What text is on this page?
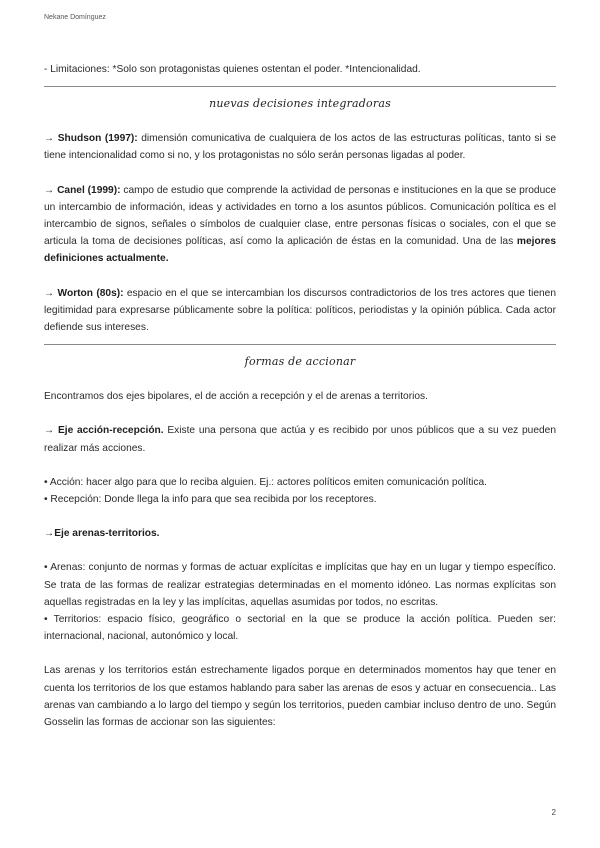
Nekane Domínguez

- Limitaciones: *Solo son protagonistas quienes ostentan el poder. *Intencionalidad.

nuevas decisiones integradoras

→ Shudson (1997): dimensión comunicativa de cualquiera de los actos de las estructuras políticas, tanto si se tiene intencionalidad como si no, y los protagonistas no sólo serán personas ligadas al poder.

→ Canel (1999): campo de estudio que comprende la actividad de personas e instituciones en la que se produce un intercambio de información, ideas y actividades en torno a los asuntos públicos. Comunicación política es el intercambio de signos, señales o símbolos de cualquier clase, entre personas físicas o sociales, con el que se articula la toma de decisiones políticas, así como la aplicación de éstas en la comunidad. Una de las mejores definiciones actualmente.

→ Worton (80s): espacio en el que se intercambian los discursos contradictorios de los tres actores que tienen legitimidad para expresarse públicamente sobre la política: políticos, periodistas y la opinión pública. Cada actor defiende sus intereses.

formas de accionar

Encontramos dos ejes bipolares, el de acción a recepción y el de arenas a territorios.

→ Eje acción-recepción. Existe una persona que actúa y es recibido por unos públicos que a su vez pueden realizar más acciones.

• Acción: hacer algo para que lo reciba alguien. Ej.: actores políticos emiten comunicación política.

• Recepción: Donde llega la info para que sea recibida por los receptores.

→Eje arenas-territorios.

• Arenas: conjunto de normas y formas de actuar explícitas e implícitas que hay en un lugar y tiempo específico. Se trata de las formas de realizar estrategias determinadas en el momento idóneo. Las normas explícitas son aquellas registradas en la ley y las implícitas, aquellas asumidas por todos, no escritas.

• Territorios: espacio físico, geográfico o sectorial en la que se produce la acción política. Pueden ser: internacional, nacional, autonómico y local.

Las arenas y los territorios están estrechamente ligados porque en determinados momentos hay que tener en cuenta los territorios de los que estamos hablando para saber las arenas de esos y actuar en consecuencia.. Las arenas van cambiando a lo largo del tiempo y según los territorios, pueden cambiar incluso dentro de uno. Según Gosselin las formas de accionar son las siguientes:

2
